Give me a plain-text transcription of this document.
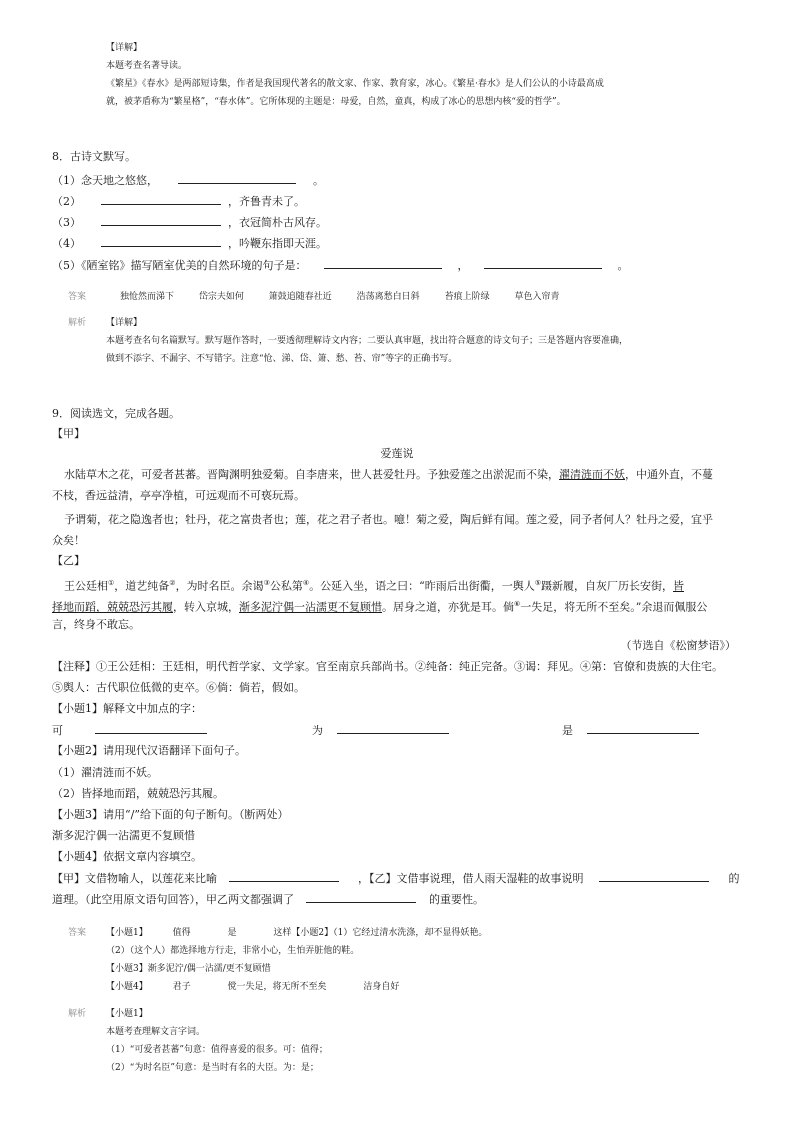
【详解】
本题考查名著导读。
《繁星》《春水》是两部短诗集，作者是我国现代著名的散文家、作家、教育家，冰心。《繁星·春水》是人们公认的小诗最高成
就，被茅盾称为“繁星格”，“春水体”。它所体现的主题是：母爱，自然，童真，构成了冰心的思想内核“爱的哲学”。
8．古诗文默写。
（1）念天地之悠悠，	。
（2）	，齐鲁青未了。
（3）	，衣冠简朴古风存。
（4）	，吟鞭东指即天涯。
（5）《陋室铭》描写陋室优美的自然环境的句子是：	，	。
答案	独怆然而涕下	岱宗夫如何	箫鼓追随春社近	浩荡离愁白日斜	苔痕上阶绿	草色入帘青
解析 【详解】
本题考查名句名篇默写。默写题作答时，一要透彻理解诗文内容；二要认真审题，找出符合题意的诗文句子；三是答题内容要准确，
做到不添字、不漏字、不写错字。注意“怆、涕、岱、箫、愁、苔、帘”等字的正确书写。
9．阅读选文，完成各题。
【甲】
爱莲说
水陆草木之花，可爱者甚蕃。晋陶渊明独爱菊。自李唐来，世人甚爱牡丹。予独爱莲之出淤泥而不染，濯清涟而不妖，中通外直，不蔓
不枝，香远益清，亭亭净植，可远观而不可亵玩焉。
予谓菊，花之隐逸者也；牡丹，花之富贵者也；莲，花之君子者也。噫！菊之爱，陶后鲜有闻。莲之爱，同予者何人？牡丹之爱，宜乎
众矣！
【乙】
王公廷相①，道艺纯备②，为时名臣。余谒③公私第④。公延入坐，语之曰：“昨雨后出街衢，一舆人⑤蹑新履，自灰厂历长安街，皆
择地而蹈，兢兢恐污其履，转入京城，渐多泥泞偶一沾濡更不复顾惜。居身之道，亦犹是耳。倘⑥一失足，将无所不至矣。”余退而佩服公
言，终身不敢忘。
（节选自《松窗梦语》）
【注释】①王公廷相：王廷相，明代哲学家、文学家。官至南京兵部尚书。②纯备：纯正完备。③谒：拜见。④第：官僚和贵族的大住宅。
⑤舆人：古代职位低微的吏卒。⑥倘：倘若，假如。
【小题1】解释文中加点的字：
可	为	是
【小题2】请用现代汉语翻译下面句子。
（1）濯清涟而不妖。
（2）皆择地而蹈，兢兢恐污其履。
【小题3】请用“/”给下面的句子断句。（断两处）
渐多泥泞偶一沾濡更不复顾惜
【小题4】依据文章内容填空。
【甲】文借物喻人，以莲花来比喻	，【乙】文借事说理，借人雨天湿鞋的故事说明	的
道理。（此空用原文语句回答），甲乙两文都强调了	的重要性。
答案 【小题1】	值得	是	这样【小题2】（1）它经过清水洗涤，却不显得妖艳。
（2）（这个人）都选择地方行走，非常小心，生怕弄脏他的鞋。
【小题3】渐多泥泞/偶一沾濡/更不复顾惜
【小题4】	君子	傥一失足，将无所不至矣	洁身自好
解析 【小题1】
本题考查理解文言字词。
（1）“可爱者甚蕃”句意：值得喜爱的很多。可：值得；
（2）“为时名臣”句意：是当时有名的大臣。为：是；
